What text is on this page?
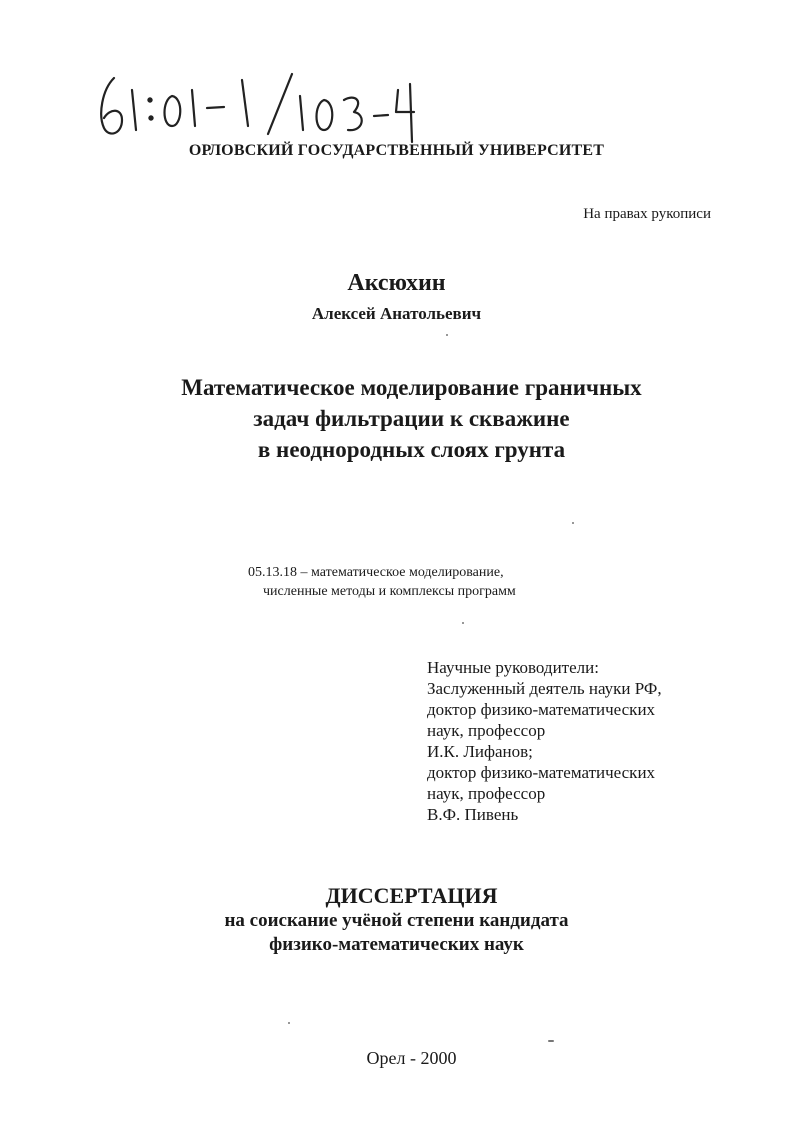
ОРЛОВСКИЙ ГОСУДАРСТВЕННЫЙ УНИВЕРСИТЕТ
На правах рукописи
Аксюхин
Алексей Анатольевич
Математическое моделирование граничных
задач фильтрации к скважине
в неоднородных слоях грунта
05.13.18 – математическое моделирование,
численные методы и комплексы программ
Научные руководители:
Заслуженный деятель науки РФ,
доктор физико-математических
наук, профессор
И.К. Лифанов;
доктор физико-математических
наук, профессор
В.Ф. Пивень
ДИССЕРТАЦИЯ
на соискание учёной степени кандидата
физико-математических наук
Орел - 2000
